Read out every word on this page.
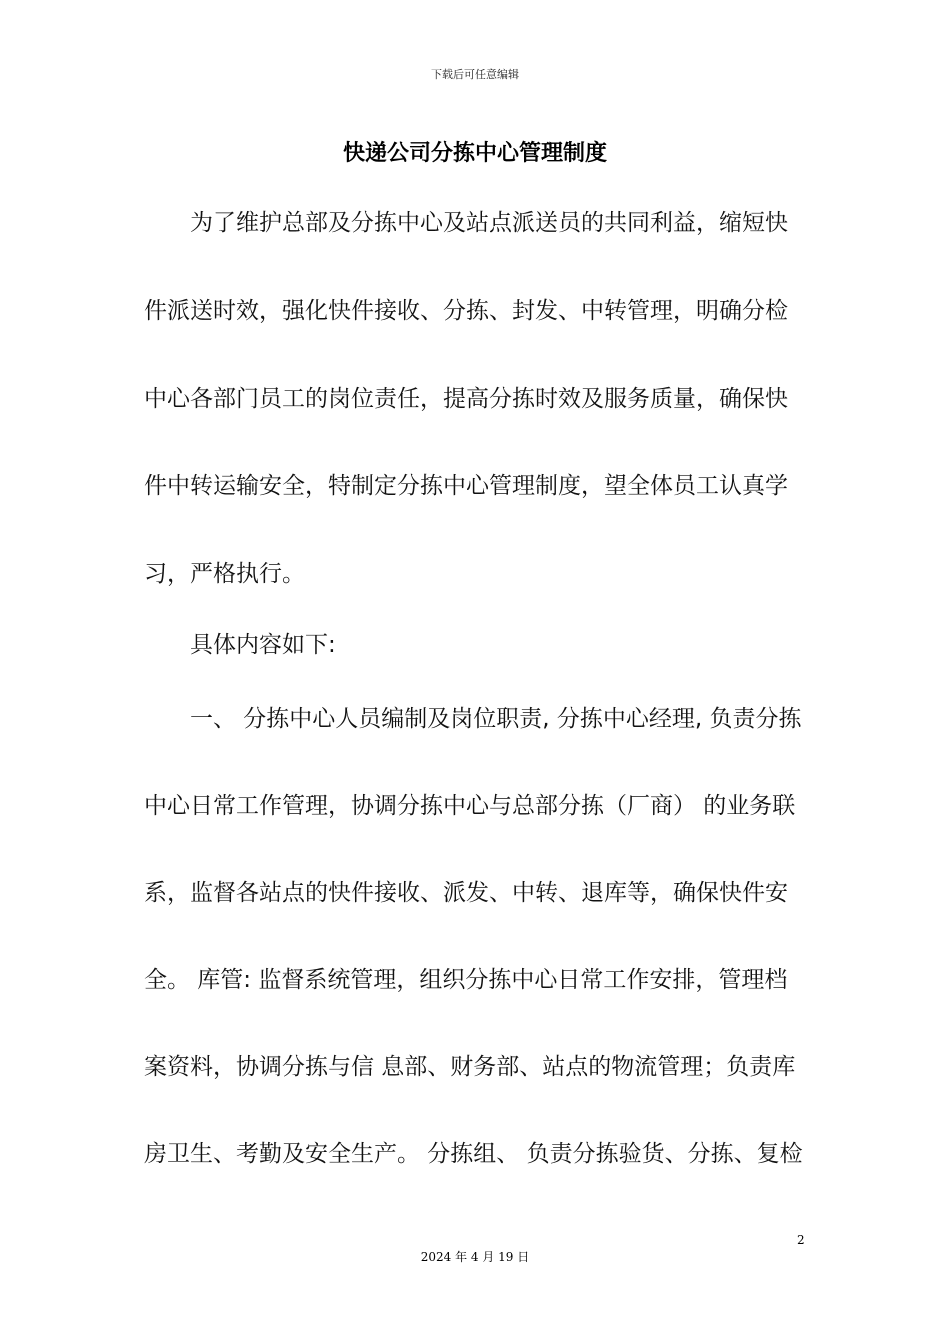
下载后可任意编辑
快递公司分拣中心管理制度
　　为了维护总部及分拣中心及站点派送员的共同利益，缩短快
件派送时效，强化快件接收、分拣、封发、中转管理，明确分检
中心各部门员工的岗位责任，提高分拣时效及服务质量，确保快
件中转运输安全，特制定分拣中心管理制度，望全体员工认真学
习，严格执行。
　　具体内容如下:
　　一、 分拣中心人员编制及岗位职责, 分拣中心经理, 负责分拣
中心日常工作管理，协调分拣中心与总部分拣（厂商） 的业务联
系，监督各站点的快件接收、派发、中转、退库等，确保快件安
全。 库管: 监督系统管理，组织分拣中心日常工作安排，管理档
案资料，协调分拣与信 息部、财务部、站点的物流管理；负责库
房卫生、考勤及安全生产。 分拣组、 负责分拣验货、分拣、复检
2
2024 年 4 月 19 日
